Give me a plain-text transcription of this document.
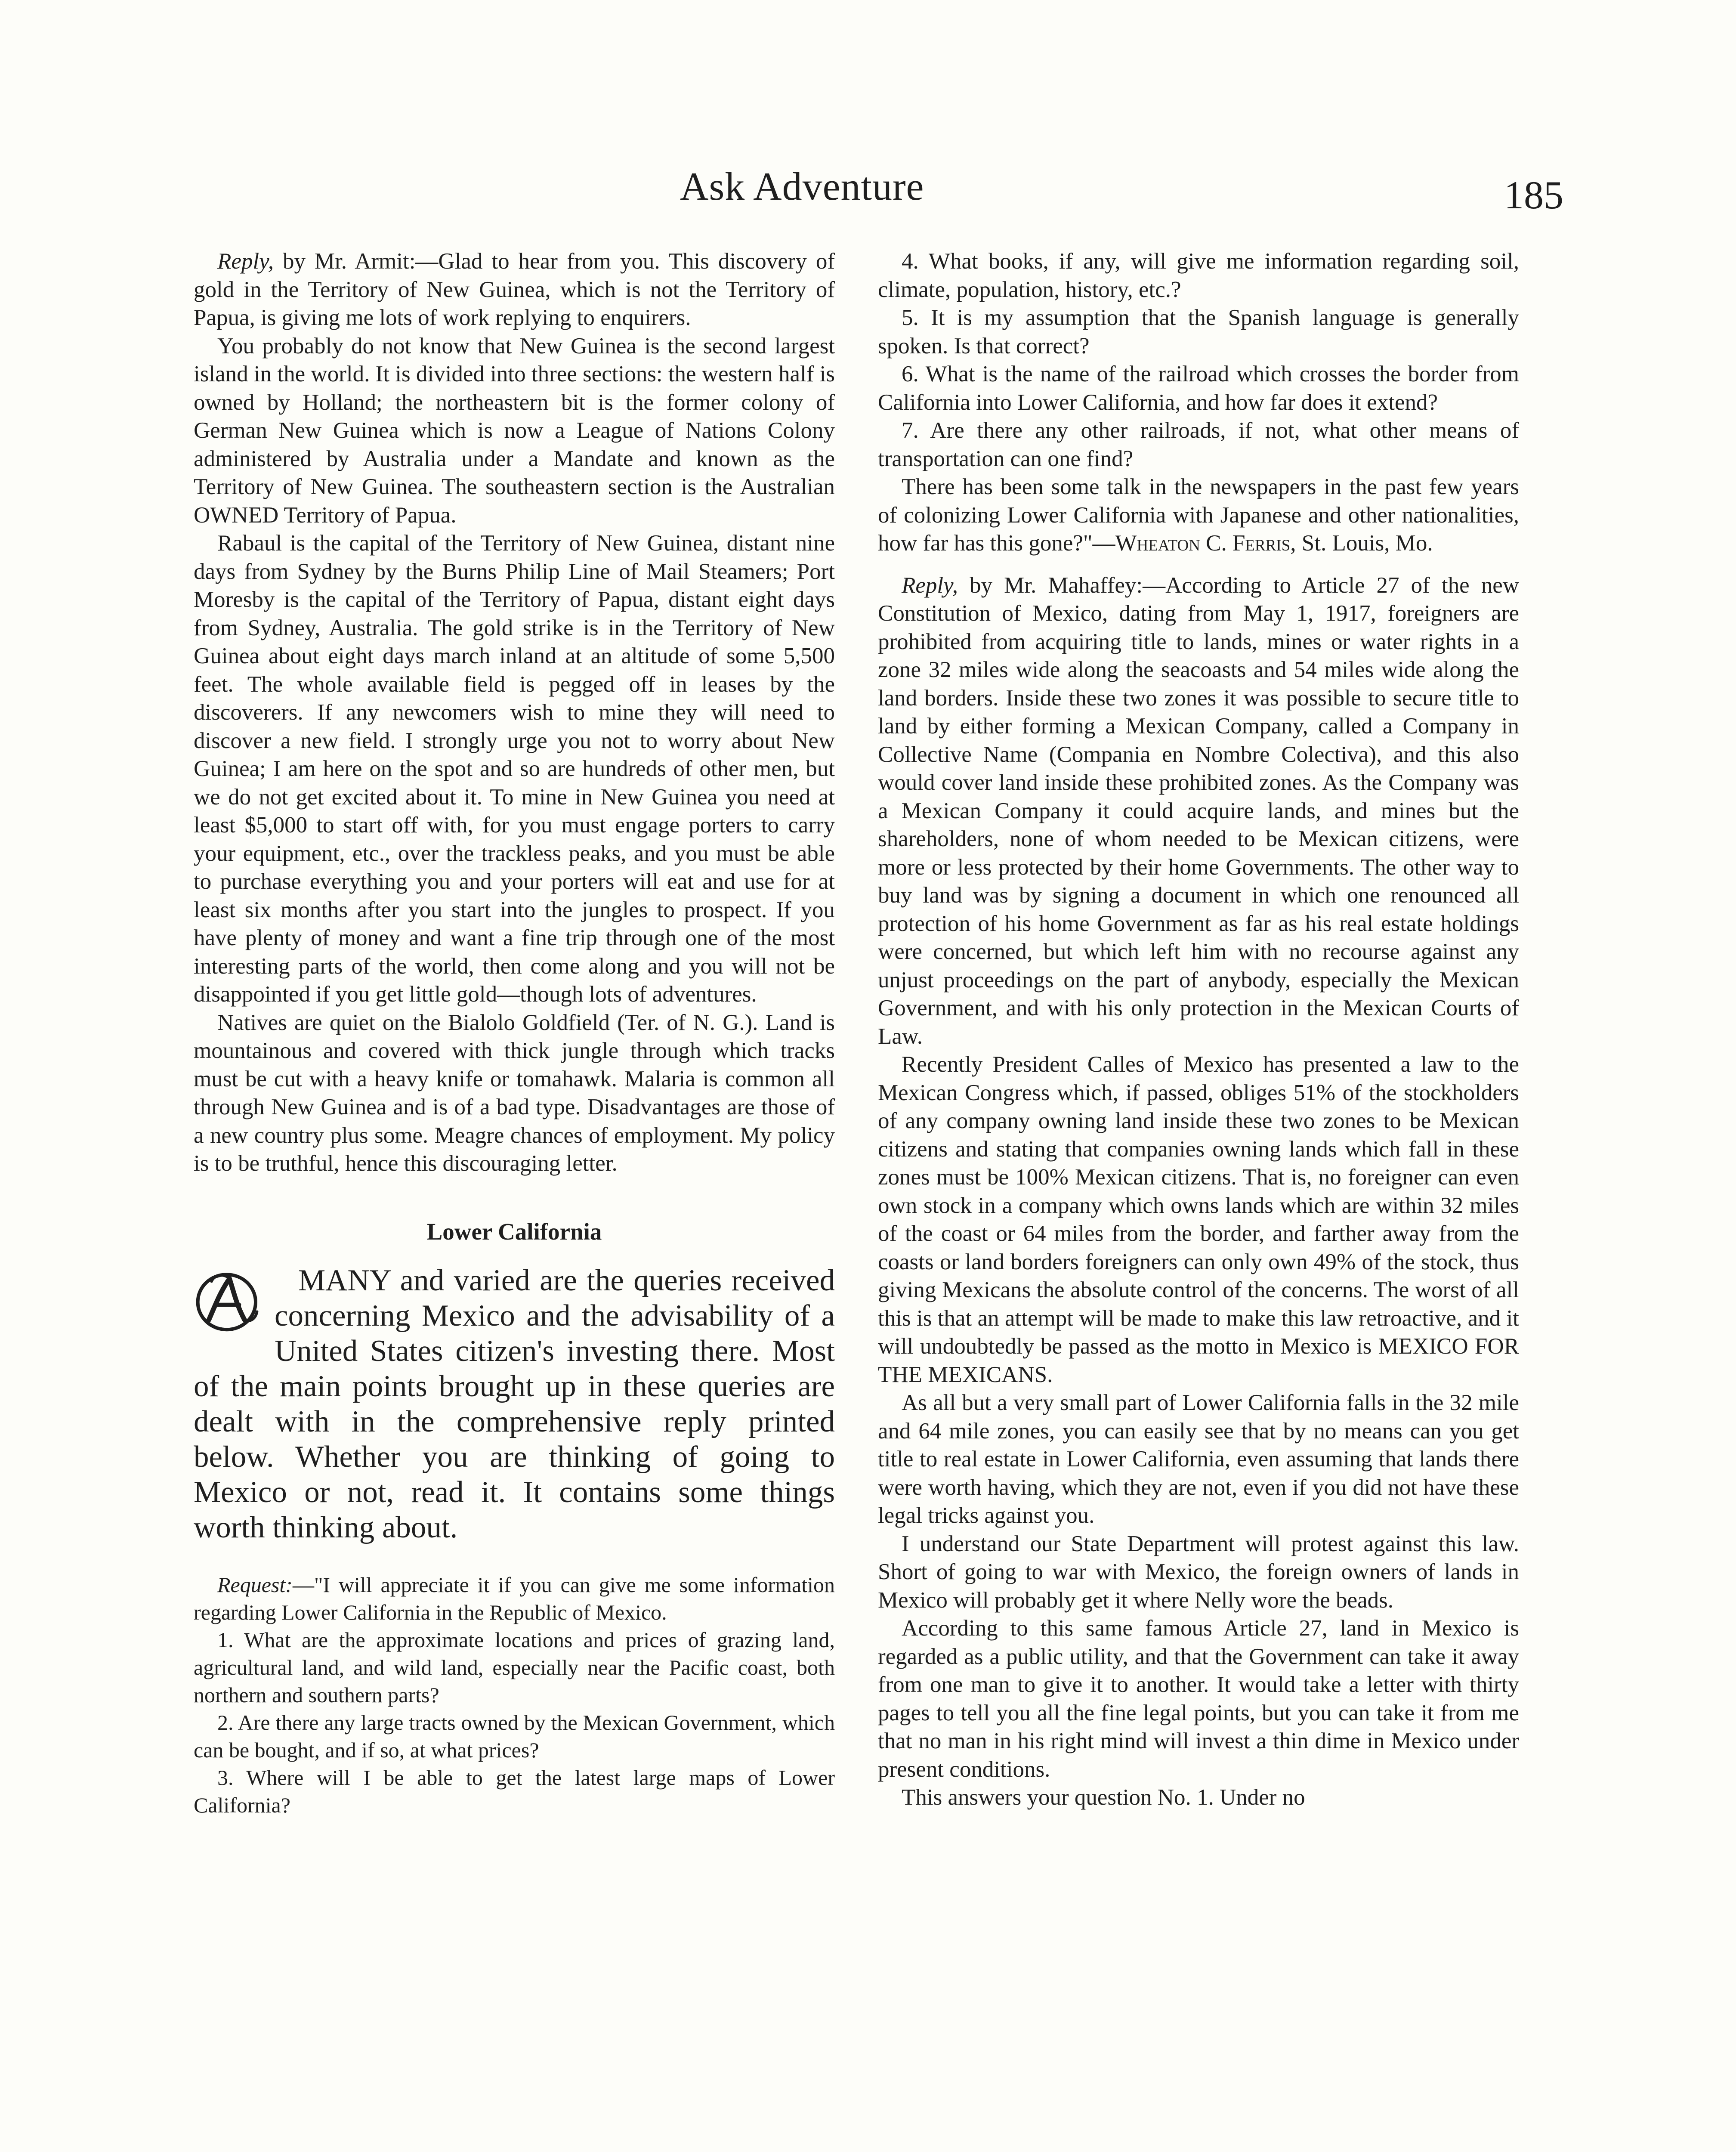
Ask Adventure	185

Reply, by Mr. Armit:—Glad to hear from you. This discovery of gold in the Territory of New Guinea, which is not the Territory of Papua, is giving me lots of work replying to enquirers.

You probably do not know that New Guinea is the second largest island in the world. It is divided into three sections: the western half is owned by Holland; the northeastern bit is the former colony of German New Guinea which is now a League of Nations Colony administered by Australia under a Mandate and known as the Territory of New Guinea. The southeastern section is the Australian OWNED Territory of Papua.

Rabaul is the capital of the Territory of New Guinea, distant nine days from Sydney by the Burns Philip Line of Mail Steamers; Port Moresby is the capital of the Territory of Papua, distant eight days from Sydney, Australia. The gold strike is in the Territory of New Guinea about eight days march inland at an altitude of some 5,500 feet. The whole available field is pegged off in leases by the discoverers. If any newcomers wish to mine they will need to discover a new field. I strongly urge you not to worry about New Guinea; I am here on the spot and so are hundreds of other men, but we do not get excited about it. To mine in New Guinea you need at least $5,000 to start off with, for you must engage porters to carry your equipment, etc., over the trackless peaks, and you must be able to purchase everything you and your porters will eat and use for at least six months after you start into the jungles to prospect. If you have plenty of money and want a fine trip through one of the most interesting parts of the world, then come along and you will not be disappointed if you get little gold—though lots of adventures.

Natives are quiet on the Bialolo Goldfield (Ter. of N. G.). Land is mountainous and covered with thick jungle through which tracks must be cut with a heavy knife or tomahawk. Malaria is common all through New Guinea and is of a bad type. Disadvantages are those of a new country plus some. Meagre chances of employment. My policy is to be truthful, hence this discouraging letter.

Lower California

MANY and varied are the queries received concerning Mexico and the advisability of a United States citizen's investing there. Most of the main points brought up in these queries are dealt with in the comprehensive reply printed below. Whether you are thinking of going to Mexico or not, read it. It contains some things worth thinking about.

Request:—"I will appreciate it if you can give me some information regarding Lower California in the Republic of Mexico.

1. What are the approximate locations and prices of grazing land, agricultural land, and wild land, especially near the Pacific coast, both northern and southern parts?

2. Are there any large tracts owned by the Mexican Government, which can be bought, and if so, at what prices?

3. Where will I be able to get the latest large maps of Lower California?

4. What books, if any, will give me information regarding soil, climate, population, history, etc.?

5. It is my assumption that the Spanish language is generally spoken. Is that correct?

6. What is the name of the railroad which crosses the border from California into Lower California, and how far does it extend?

7. Are there any other railroads, if not, what other means of transportation can one find?

There has been some talk in the newspapers in the past few years of colonizing Lower California with Japanese and other nationalities, how far has this gone?"—Wheaton C. Ferris, St. Louis, Mo.

Reply, by Mr. Mahaffey:—According to Article 27 of the new Constitution of Mexico, dating from May 1, 1917, foreigners are prohibited from acquiring title to lands, mines or water rights in a zone 32 miles wide along the seacoasts and 54 miles wide along the land borders. Inside these two zones it was possible to secure title to land by either forming a Mexican Company, called a Company in Collective Name (Compania en Nombre Colectiva), and this also would cover land inside these prohibited zones. As the Company was a Mexican Company it could acquire lands, and mines but the shareholders, none of whom needed to be Mexican citizens, were more or less protected by their home Governments. The other way to buy land was by signing a document in which one renounced all protection of his home Government as far as his real estate holdings were concerned, but which left him with no recourse against any unjust proceedings on the part of anybody, especially the Mexican Government, and with his only protection in the Mexican Courts of Law.

Recently President Calles of Mexico has presented a law to the Mexican Congress which, if passed, obliges 51% of the stockholders of any company owning land inside these two zones to be Mexican citizens and stating that companies owning lands which fall in these zones must be 100% Mexican citizens. That is, no foreigner can even own stock in a company which owns lands which are within 32 miles of the coast or 64 miles from the border, and farther away from the coasts or land borders foreigners can only own 49% of the stock, thus giving Mexicans the absolute control of the concerns. The worst of all this is that an attempt will be made to make this law retroactive, and it will undoubtedly be passed as the motto in Mexico is MEXICO FOR THE MEXICANS.

As all but a very small part of Lower California falls in the 32 mile and 64 mile zones, you can easily see that by no means can you get title to real estate in Lower California, even assuming that lands there were worth having, which they are not, even if you did not have these legal tricks against you.

I understand our State Department will protest against this law. Short of going to war with Mexico, the foreign owners of lands in Mexico will probably get it where Nelly wore the beads.

According to this same famous Article 27, land in Mexico is regarded as a public utility, and that the Government can take it away from one man to give it to another. It would take a letter with thirty pages to tell you all the fine legal points, but you can take it from me that no man in his right mind will invest a thin dime in Mexico under present conditions.

This answers your question No. 1. Under no
